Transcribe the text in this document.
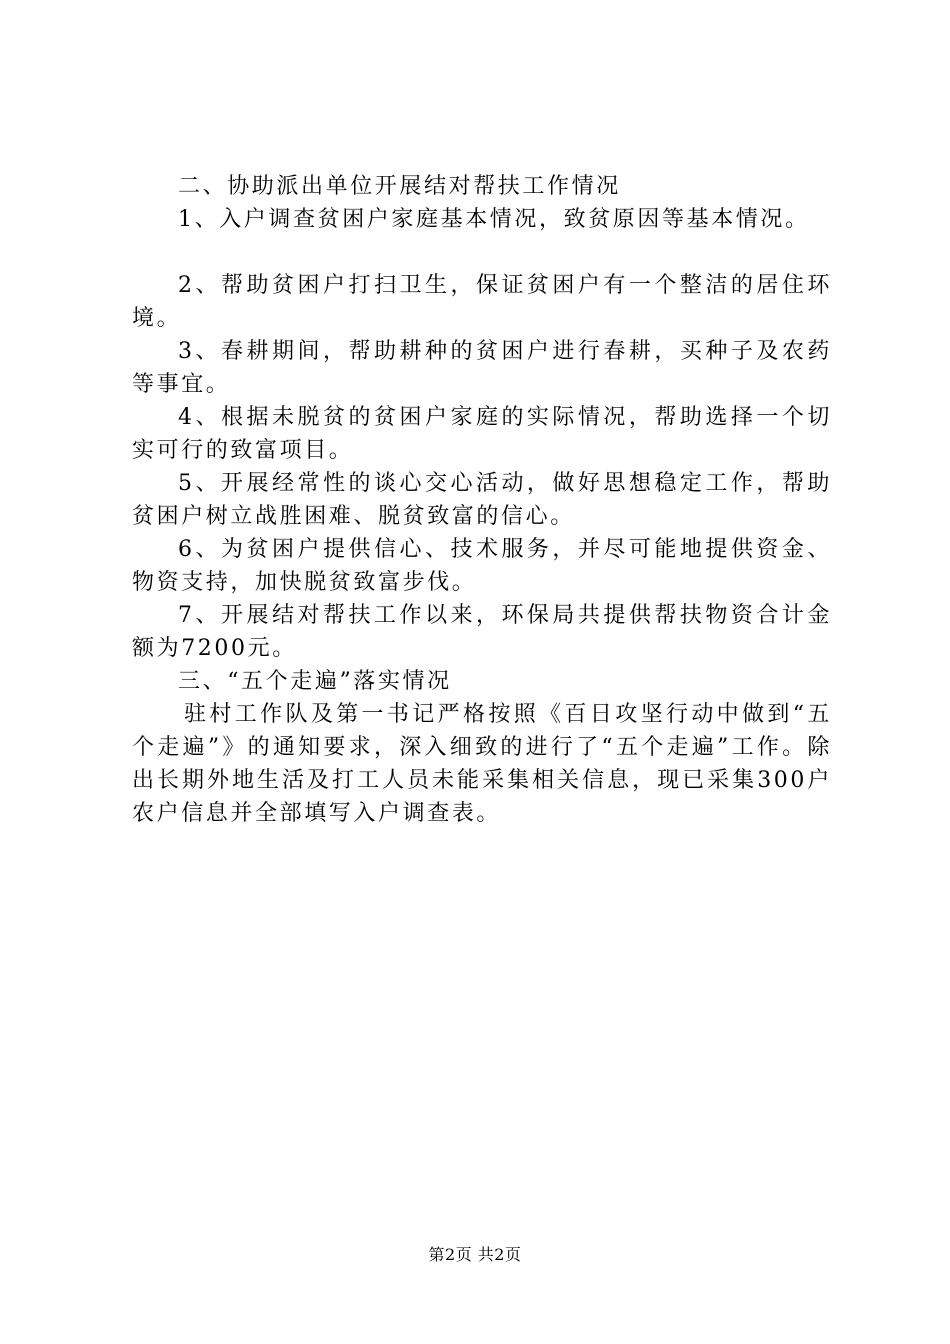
二、协助派出单位开展结对帮扶工作情况

1、入户调查贫困户家庭基本情况，致贫原因等基本情况。

2、帮助贫困户打扫卫生，保证贫困户有一个整洁的居住环境。

3、春耕期间，帮助耕种的贫困户进行春耕，买种子及农药等事宜。

4、根据未脱贫的贫困户家庭的实际情况，帮助选择一个切实可行的致富项目。

5、开展经常性的谈心交心活动，做好思想稳定工作，帮助贫困户树立战胜困难、脱贫致富的信心。

6、为贫困户提供信心、技术服务，并尽可能地提供资金、物资支持，加快脱贫致富步伐。

7、开展结对帮扶工作以来，环保局共提供帮扶物资合计金额为7200元。

三、“五个走遍”落实情况

驻村工作队及第一书记严格按照《百日攻坚行动中做到“五个走遍”》的通知要求，深入细致的进行了“五个走遍”工作。除出长期外地生活及打工人员未能采集相关信息，现已采集300户农户信息并全部填写入户调查表。

第2页 共2页
